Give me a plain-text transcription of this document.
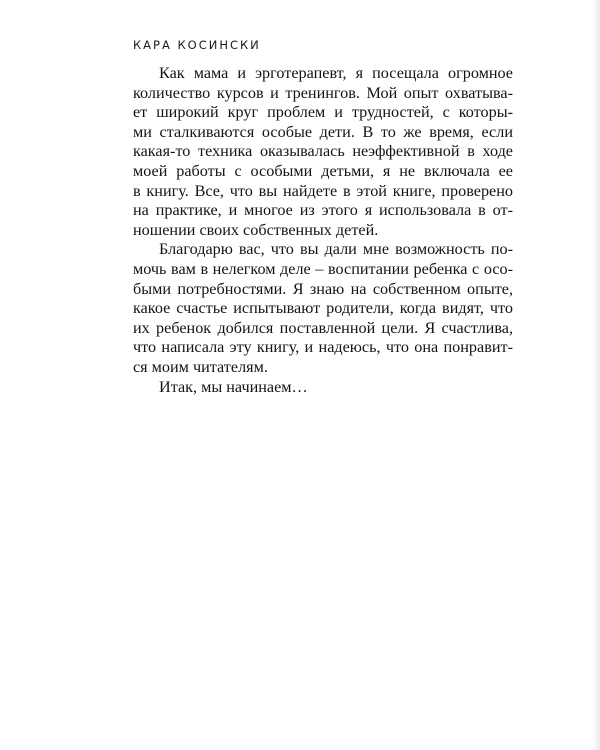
КАРА КОСИНСКИ
Как мама и эрготерапевт, я посещала огромное
количество курсов и тренингов. Мой опыт охватыва-
ет широкий круг проблем и трудностей, с которы-
ми сталкиваются особые дети. В то же время, если
какая-то техника оказывалась неэффективной в ходе
моей работы с особыми детьми, я не включала ее
в книгу. Все, что вы найдете в этой книге, проверено
на практике, и многое из этого я использовала в от-
ношении своих собственных детей.
Благодарю вас, что вы дали мне возможность по-
мочь вам в нелегком деле – воспитании ребенка с осо-
быми потребностями. Я знаю на собственном опыте,
какое счастье испытывают родители, когда видят, что
их ребенок добился поставленной цели. Я счастлива,
что написала эту книгу, и надеюсь, что она понравит-
ся моим читателям.
Итак, мы начинаем…
